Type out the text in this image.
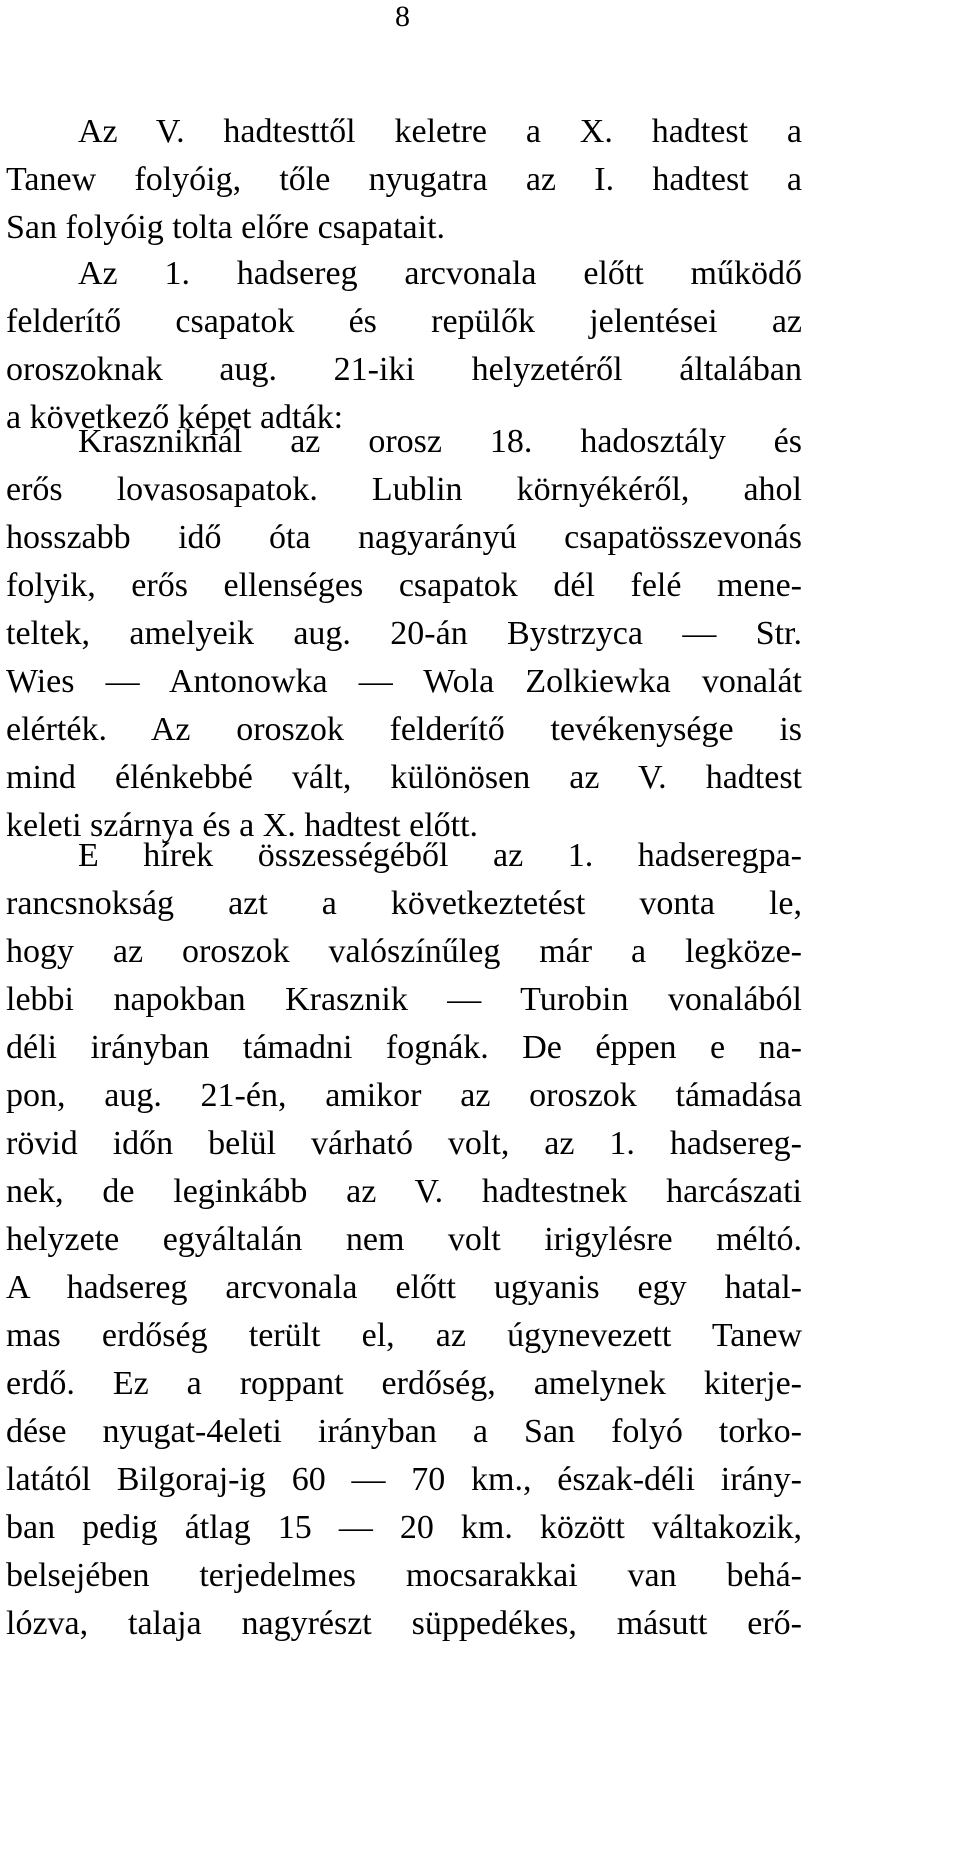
8
Az V. hadtesttől keletre a X. hadtest a
Tanew folyóig, tőle nyugatra az I. hadtest a
San folyóig tolta előre csapatait.
Az 1. hadsereg arcvonala előtt működő
felderítő csapatok és repülők jelentései az
oroszoknak aug. 21-iki helyzetéről általában
a következő képet adták:
Kraszniknál az orosz 18. hadosztály és
erős lovasosapatok. Lublin környékéről, ahol
hosszabb idő óta nagyarányú csapatösszevonás
folyik, erős ellenséges csapatok dél felé mene-
teltek, amelyeik aug. 20-án Bystrzyca — Str.
Wies — Antonowka — Wola Zolkiewka vonalát
elérték. Az oroszok felderítő tevékenysége is
mind élénkebbé vált, különösen az V. hadtest
keleti szárnya és a X. hadtest előtt.
E hírek összességéből az 1. hadseregpa-
rancsnokság azt a következtetést vonta le,
hogy az oroszok valószínűleg már a legköze-
lebbi napokban Krasznik — Turobin vonalából
déli irányban támadni fognák. De éppen e na-
pon, aug. 21-én, amikor az oroszok támadása
rövid időn belül várható volt, az 1. hadsereg-
nek, de leginkább az V. hadtestnek harcászati
helyzete egyáltalán nem volt irigylésre méltó.
A hadsereg arcvonala előtt ugyanis egy hatal-
mas erdőség terült el, az úgynevezett Tanew
erdő. Ez a roppant erdőség, amelynek kiterje-
dése nyugat-4eleti irányban a San folyó torko-
latától Bilgoraj-ig 60 — 70 km., észak-déli irány-
ban pedig átlag 15 — 20 km. között váltakozik,
belsejében terjedelmes mocsarakkai van behá-
lózva, talaja nagyrészt süppedékes, másutt erő-
